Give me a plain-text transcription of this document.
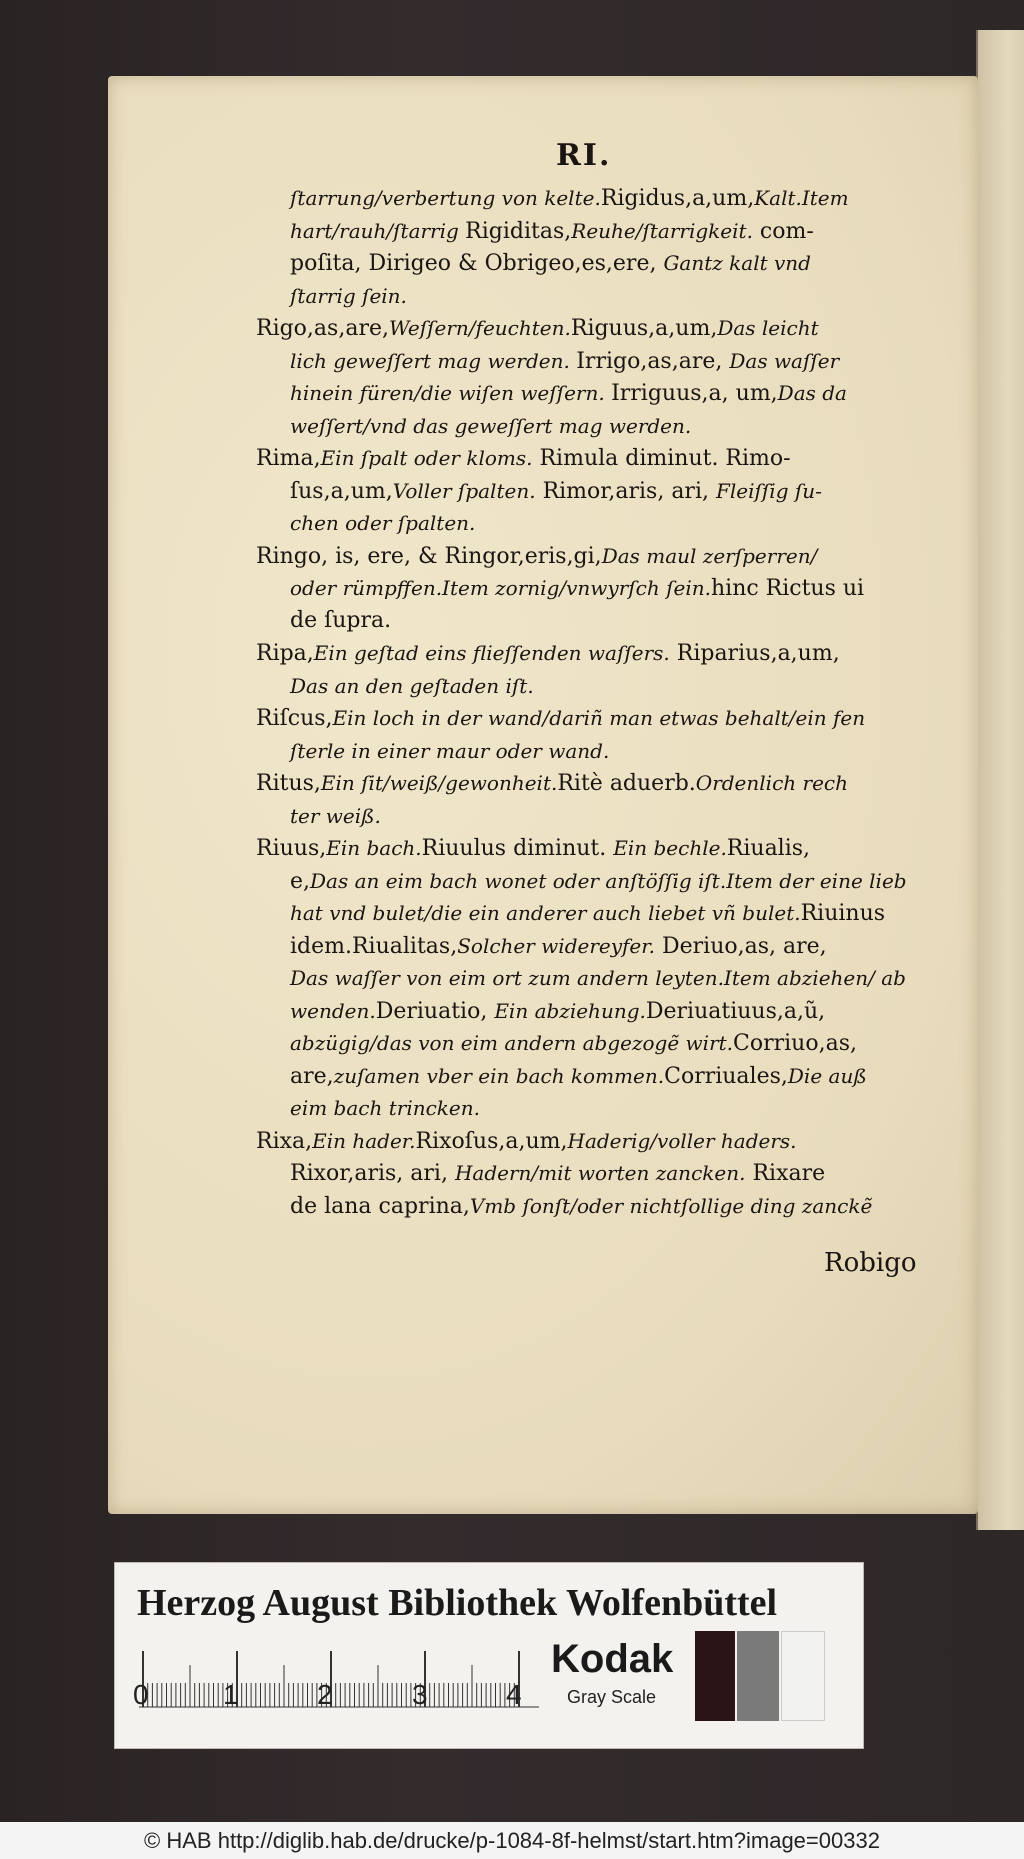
RI.
ſtarrung/verbertung von kelte.Rigidus,a,um,Kalt.Item
hart/rauh/ſtarrig Rigiditas,Reuhe/ſtarrigkeit. com-
poſita, Dirigeo & Obrigeo,es,ere, Gantz kalt vnd
ſtarrig ſein.
Rigo,as,are,Weſſern/feuchten.Riguus,a,um,Das leicht
lich geweſſert mag werden. Irrigo,as,are, Das waſſer
hinein füren/die wiſen weſſern. Irriguus,a, um,Das da
weſſert/vnd das geweſſert mag werden.
Rima,Ein ſpalt oder kloms. Rimula diminut. Rimo-
ſus,a,um,Voller ſpalten. Rimor,aris, ari, Fleiſſig ſu-
chen oder ſpalten.
Ringo, is, ere, & Ringor,eris,gi,Das maul zerſperren/
oder rümpffen.Item zornig/vnwyrſch ſein.hinc Rictus ui
de ſupra.
Ripa,Ein geſtad eins flieſſenden waſſers. Riparius,a,um,
Das an den geſtaden iſt.
Riſcus,Ein loch in der wand/dariñ man etwas behalt/ein fen
ſterle in einer maur oder wand.
Ritus,Ein ſit/weiß/gewonheit.Ritè aduerb.Ordenlich rech
ter weiß.
Riuus,Ein bach.Riuulus diminut. Ein bechle.Riualis,
e,Das an eim bach wonet oder anſtöſſig iſt.Item der eine lieb
hat vnd bulet/die ein anderer auch liebet vñ bulet.Riuinus
idem.Riualitas,Solcher widereyfer. Deriuo,as, are,
Das waſſer von eim ort zum andern leyten.Item abziehen/ ab
wenden.Deriuatio, Ein abziehung.Deriuatiuus,a,ũ,
abzügig/das von eim andern abgezogẽ wirt.Corriuo,as,
are,zuſamen vber ein bach kommen.Corriuales,Die auß
eim bach trincken.
Rixa,Ein hader.Rixoſus,a,um,Haderig/voller haders.
Rixor,aris, ari, Hadern/mit worten zancken. Rixare
de lana caprina,Vmb ſonſt/oder nichtſollige ding zanckẽ
Robigo
Herzog August Bibliothek Wolfenbüttel
0	1	2	3	4
Kodak
Gray Scale
© HAB http://diglib.hab.de/drucke/p-1084-8f-helmst/start.htm?image=00332
